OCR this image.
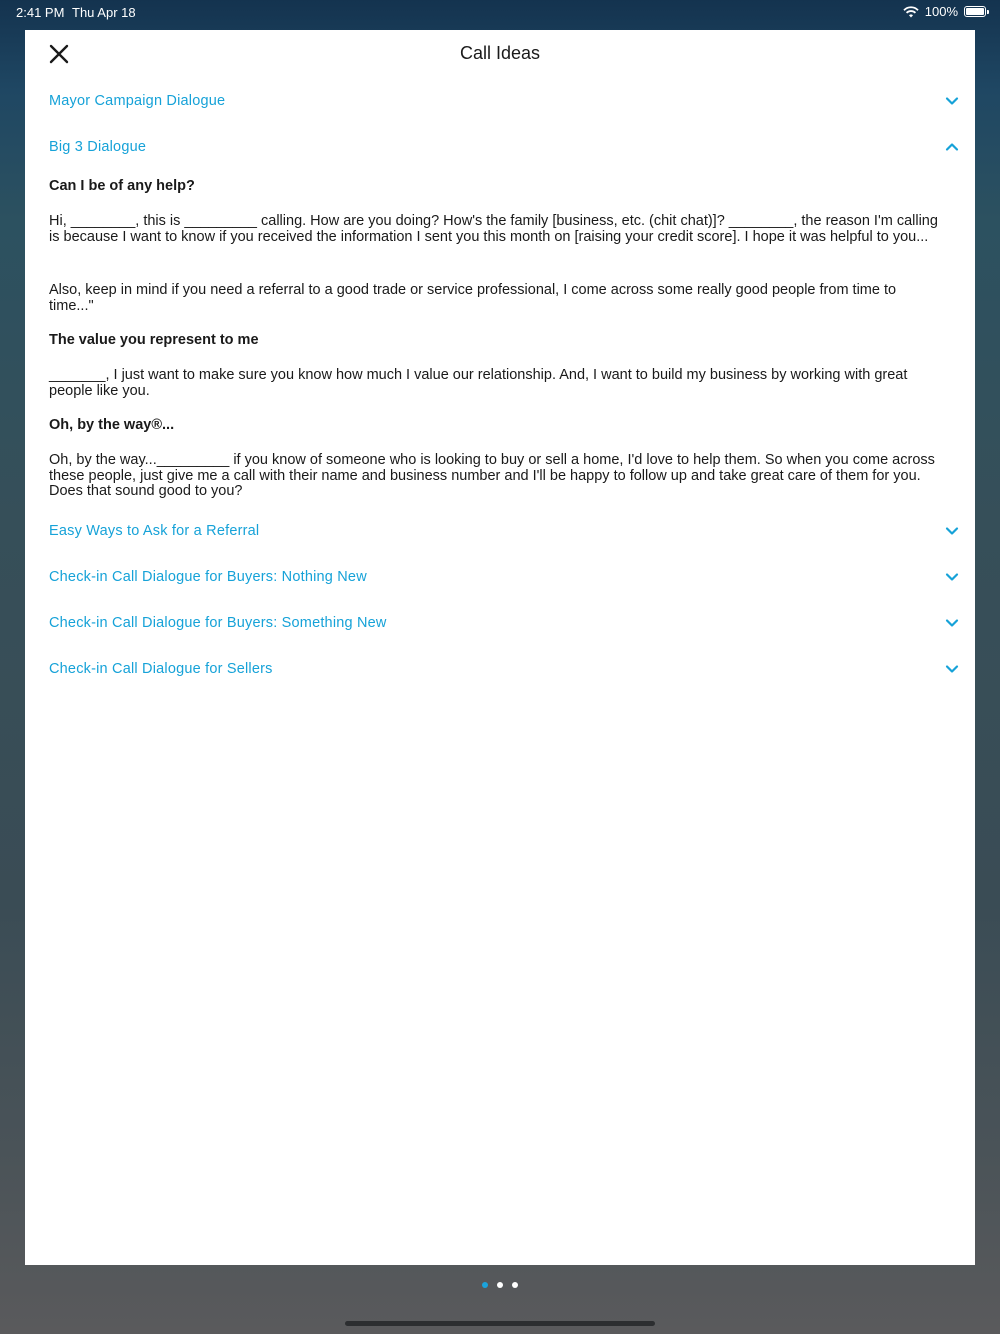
2:41 PM Thu Apr 18	100%
Call Ideas
Mayor Campaign Dialogue
Big 3 Dialogue
Can I be of any help?

Hi, ________, this is _________ calling. How are you doing? How's the family [business, etc. (chit chat)]? ________, the reason I'm calling is because I want to know if you received the information I sent you this month on [raising your credit score]. I hope it was helpful to you...

Also, keep in mind if you need a referral to a good trade or service professional, I come across some really good people from time to time..."

The value you represent to me

_______, I just want to make sure you know how much I value our relationship. And, I want to build my business by working with great people like you.

Oh, by the way®...

Oh, by the way..._________ if you know of someone who is looking to buy or sell a home, I'd love to help them. So when you come across these people, just give me a call with their name and business number and I'll be happy to follow up and take great care of them for you. Does that sound good to you?

Easy Ways to Ask for a Referral
Check-in Call Dialogue for Buyers: Nothing New
Check-in Call Dialogue for Buyers: Something New
Check-in Call Dialogue for Sellers
